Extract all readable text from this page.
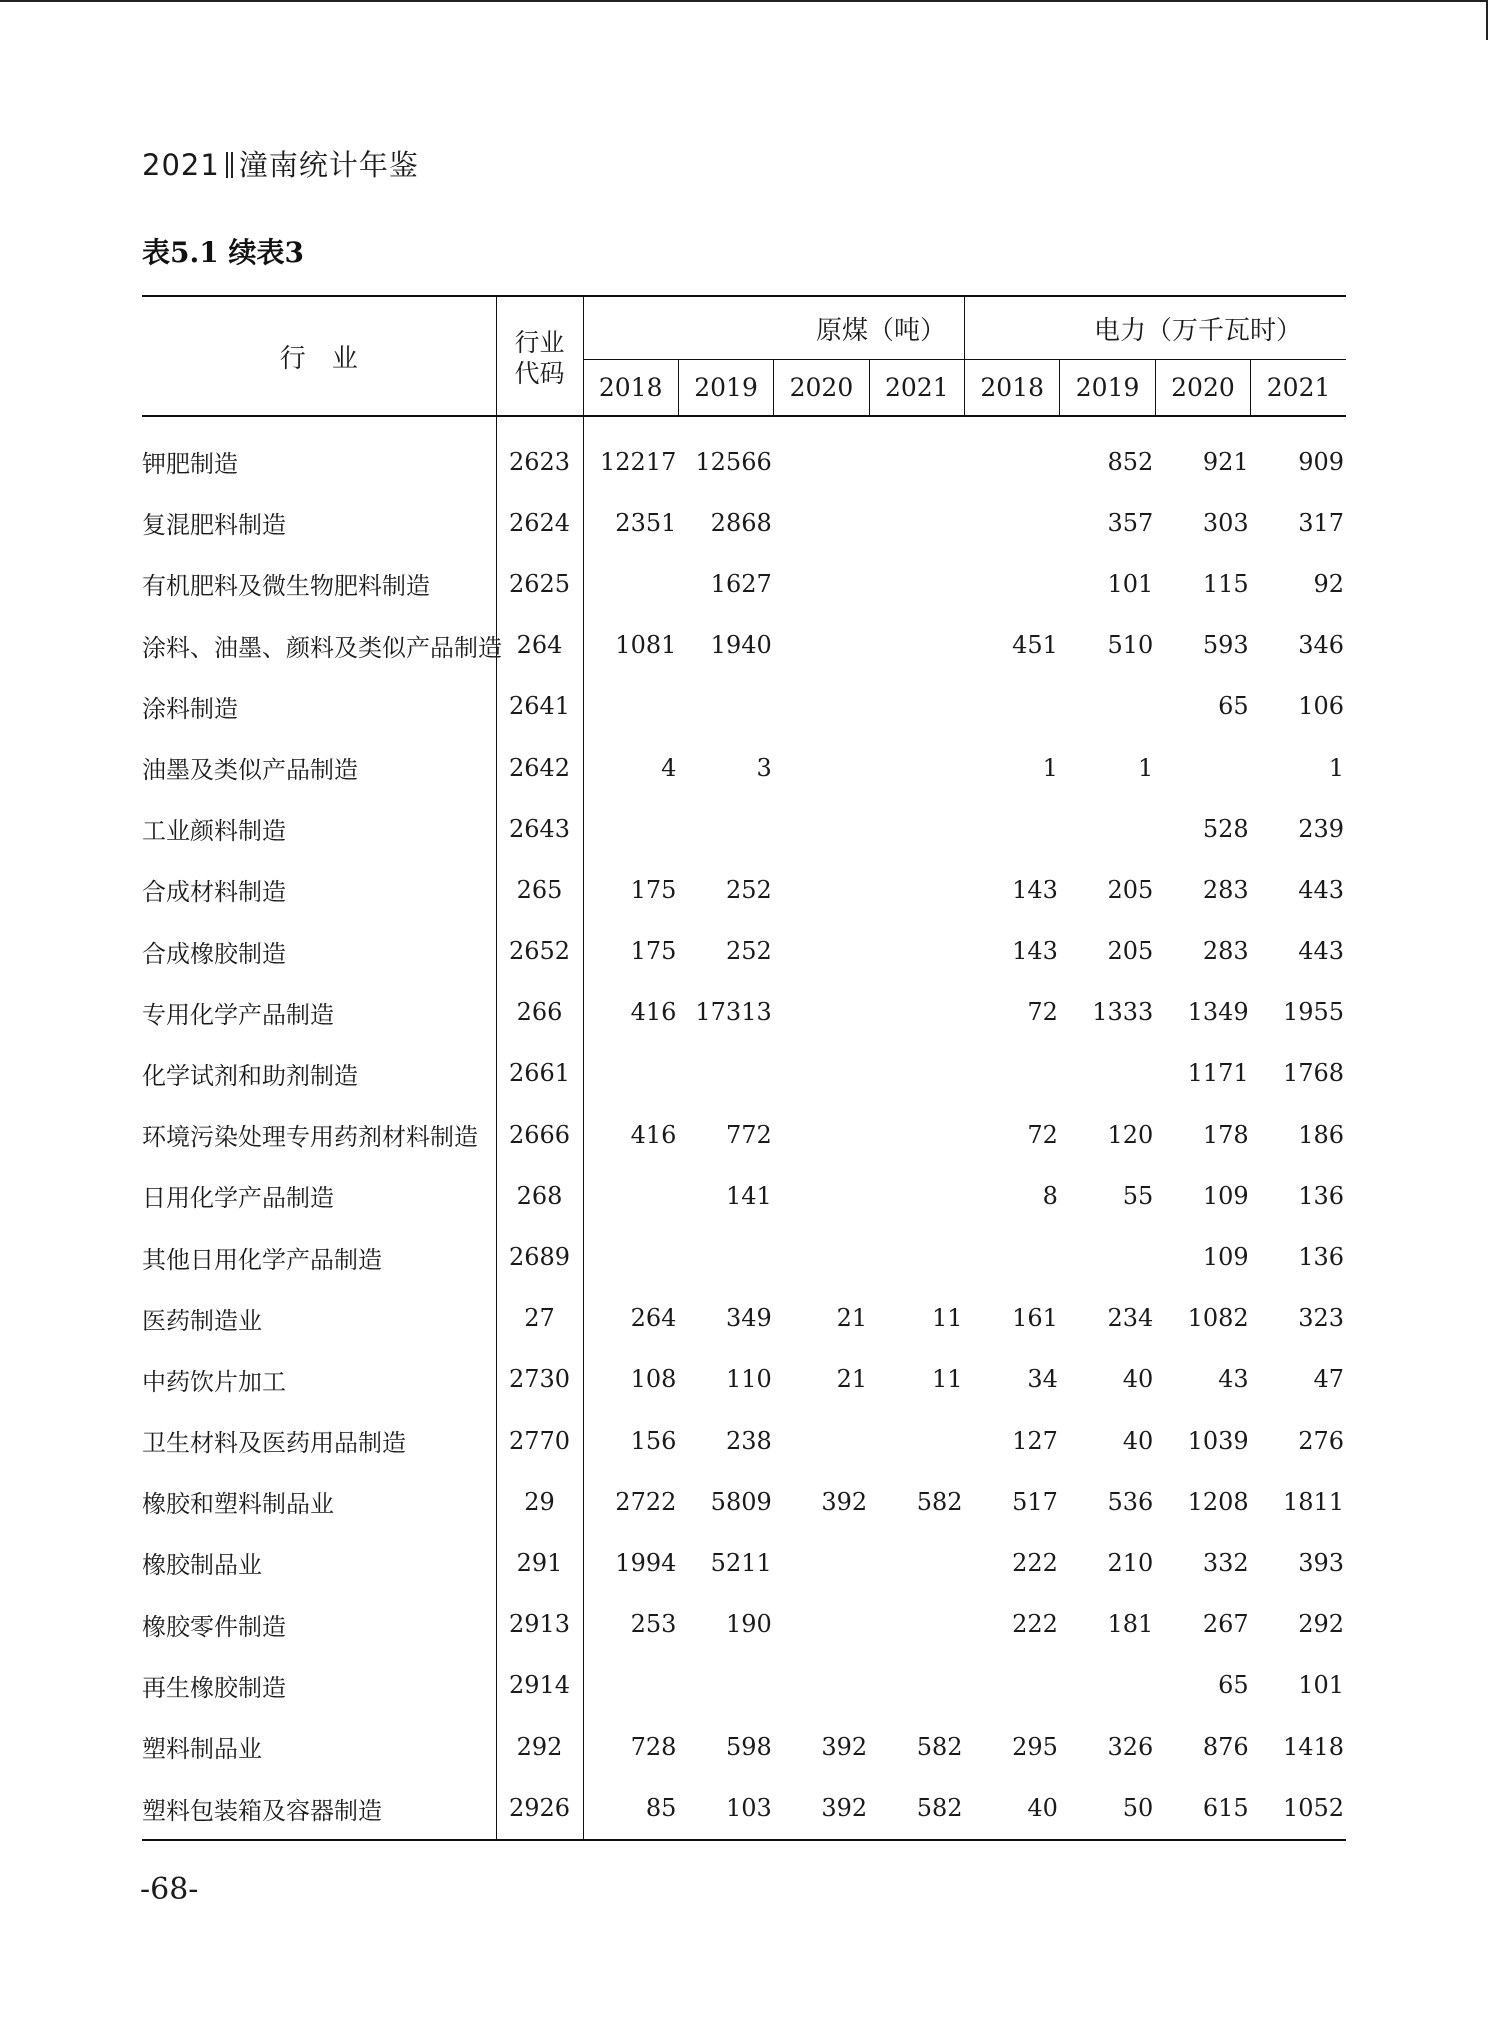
2021 潼南统计年鉴
表5.1 续表3
行　业	行业
代码	原煤（吨）				电力（万千瓦时）			
		2018	2019	2020	2021	2018	2019	2020	2021
钾肥制造	2623	12217	12566				852	921	909
复混肥料制造	2624	2351	2868				357	303	317
有机肥料及微生物肥料制造	2625		1627				101	115	92
涂料、油墨、颜料及类似产品制造	264	1081	1940			451	510	593	346
涂料制造	2641							65	106
油墨及类似产品制造	2642	4	3			1	1		1
工业颜料制造	2643							528	239
合成材料制造	265	175	252			143	205	283	443
合成橡胶制造	2652	175	252			143	205	283	443
专用化学产品制造	266	416	17313			72	1333	1349	1955
化学试剂和助剂制造	2661							1171	1768
环境污染处理专用药剂材料制造	2666	416	772			72	120	178	186
日用化学产品制造	268		141			8	55	109	136
其他日用化学产品制造	2689							109	136
医药制造业	27	264	349	21	11	161	234	1082	323
中药饮片加工	2730	108	110	21	11	34	40	43	47
卫生材料及医药用品制造	2770	156	238			127	40	1039	276
橡胶和塑料制品业	29	2722	5809	392	582	517	536	1208	1811
橡胶制品业	291	1994	5211			222	210	332	393
橡胶零件制造	2913	253	190			222	181	267	292
再生橡胶制造	2914							65	101
塑料制品业	292	728	598	392	582	295	326	876	1418
塑料包装箱及容器制造	2926	85	103	392	582	40	50	615	1052
-68-
